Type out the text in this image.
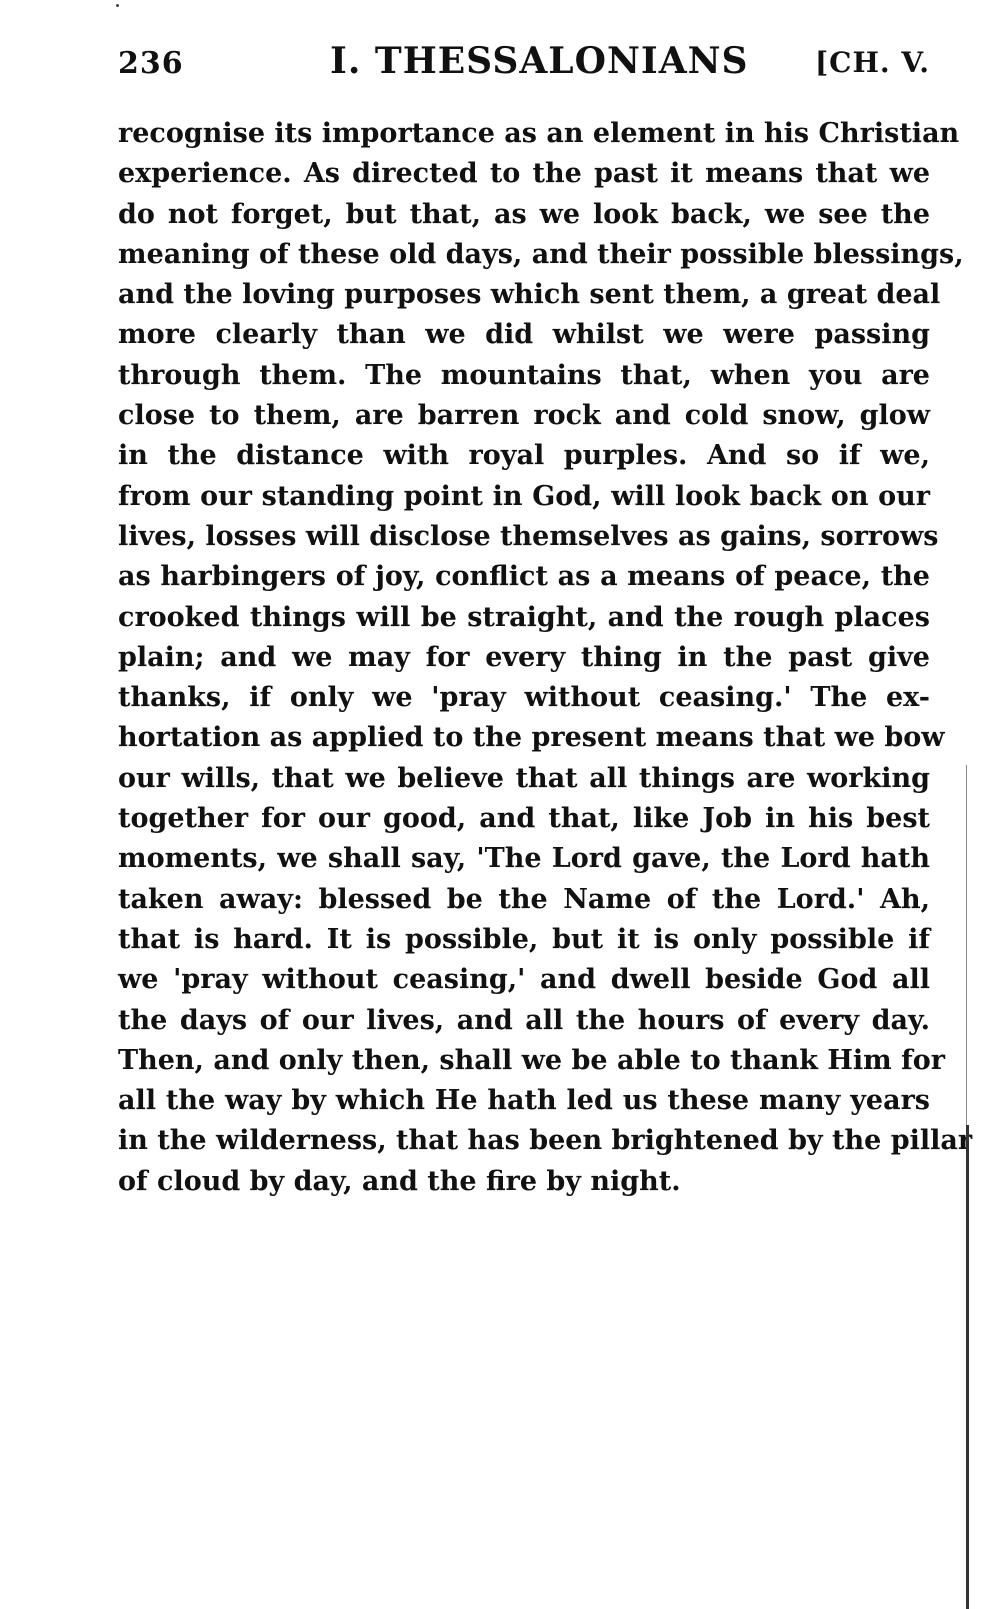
236	I. THESSALONIANS [CH. V.
recognise its importance as an element in his Christian
experience. As directed to the past it means that we
do not forget, but that, as we look back, we see the
meaning of these old days, and their possible blessings,
and the loving purposes which sent them, a great deal
more clearly than we did whilst we were passing
through them. The mountains that, when you are
close to them, are barren rock and cold snow, glow
in the distance with royal purples. And so if we,
from our standing point in God, will look back on our
lives, losses will disclose themselves as gains, sorrows
as harbingers of joy, conflict as a means of peace, the
crooked things will be straight, and the rough places
plain; and we may for every thing in the past give
thanks, if only we 'pray without ceasing.' The ex-
hortation as applied to the present means that we bow
our wills, that we believe that all things are working
together for our good, and that, like Job in his best
moments, we shall say, 'The Lord gave, the Lord hath
taken away: blessed be the Name of the Lord.' Ah,
that is hard. It is possible, but it is only possible if
we 'pray without ceasing,' and dwell beside God all
the days of our lives, and all the hours of every day.
Then, and only then, shall we be able to thank Him for
all the way by which He hath led us these many years
in the wilderness, that has been brightened by the pillar
of cloud by day, and the fire by night.
